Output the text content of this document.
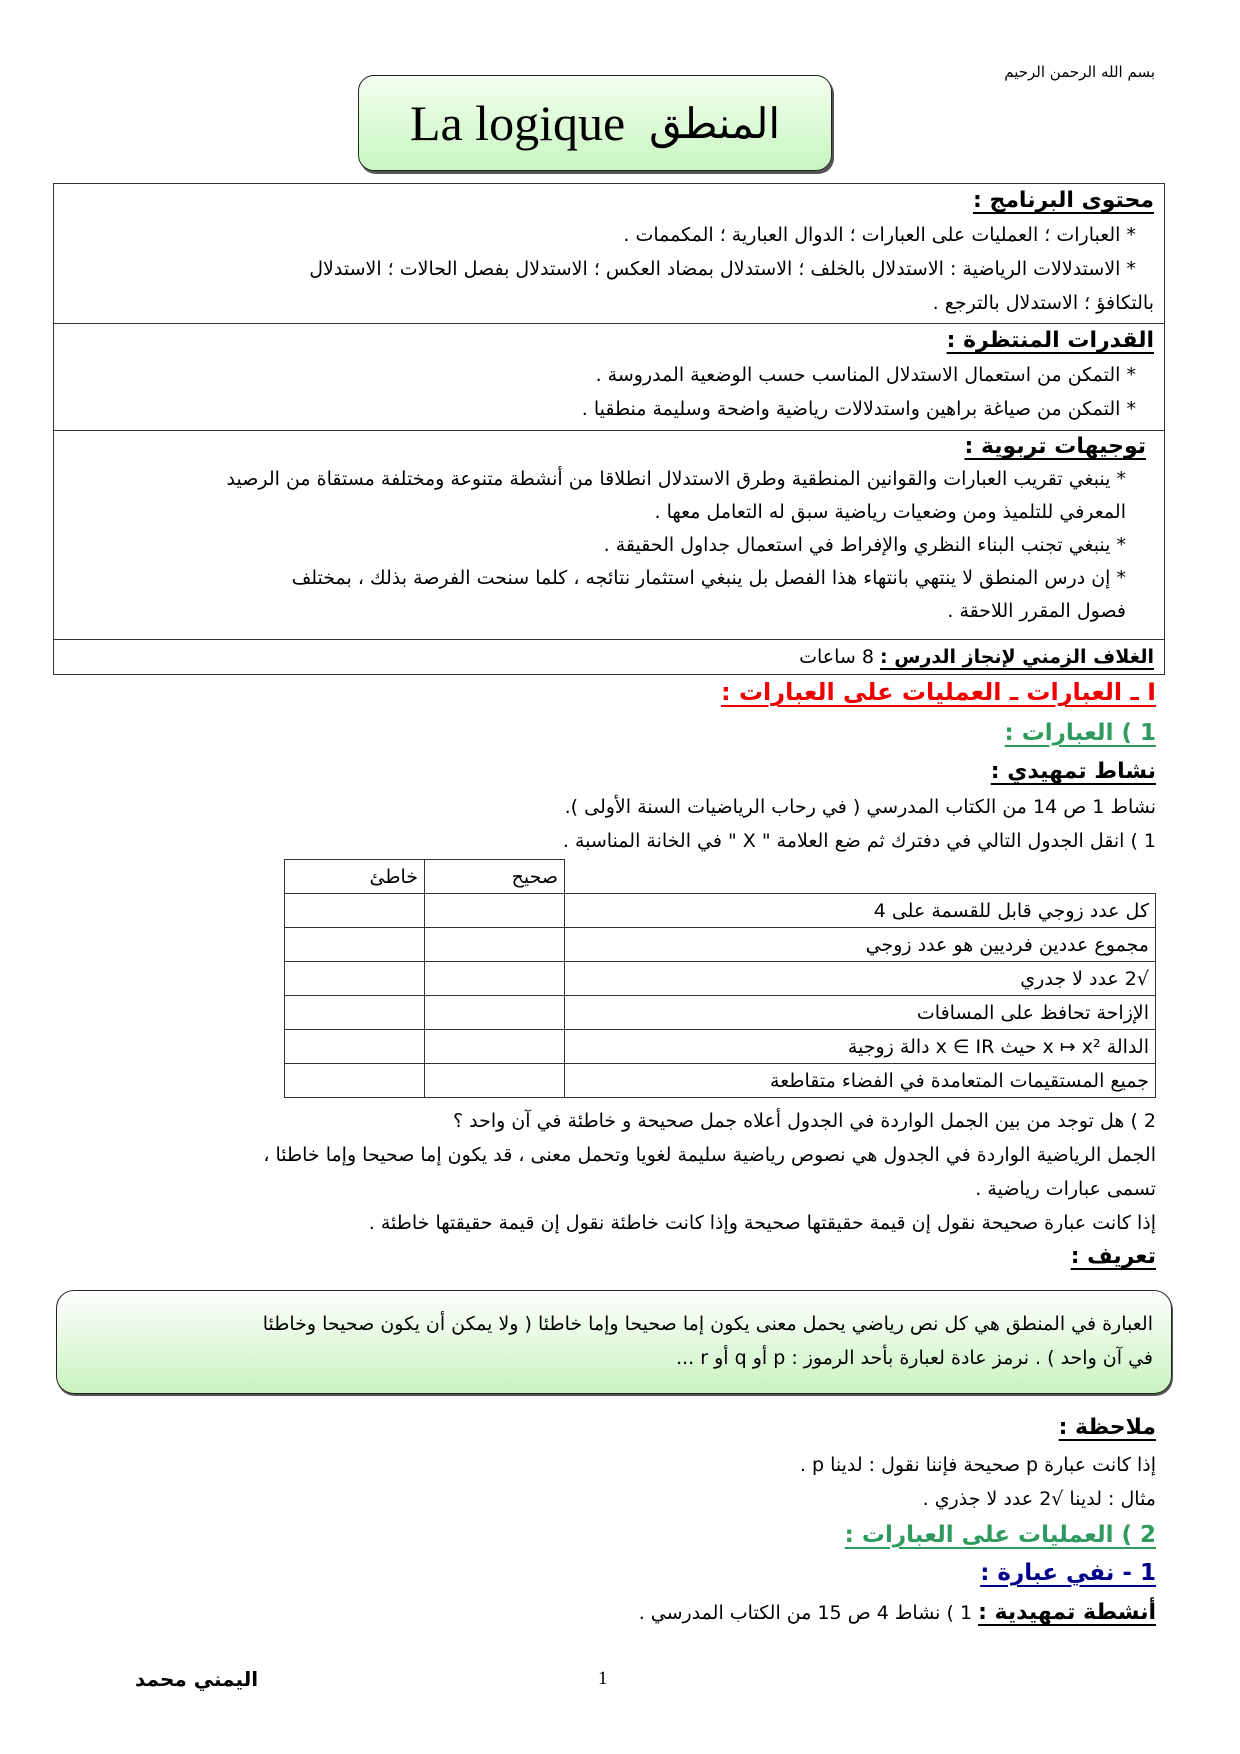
بسم الله الرحمن الرحيم
La logique المنطق
محتوى البرنامج :
* العبارات ؛ العمليات على العبارات ؛ الدوال العبارية ؛ المكممات .
* الاستدلالات الرياضية : الاستدلال بالخلف ؛ الاستدلال بمضاد العكس ؛ الاستدلال بفصل الحالات ؛ الاستدلال
بالتكافؤ ؛ الاستدلال بالترجع .
القدرات المنتظرة :
* التمكن من استعمال الاستدلال المناسب حسب الوضعية المدروسة .
* التمكن من صياغة براهين واستدلالات رياضية واضحة وسليمة منطقيا .
توجيهات تربوية :
* ينبغي تقريب العبارات والقوانين المنطقية وطرق الاستدلال انطلاقا من أنشطة متنوعة ومختلفة مستقاة من الرصيد
المعرفي للتلميذ ومن وضعيات رياضية سبق له التعامل معها .
* ينبغي تجنب البناء النظري والإفراط في استعمال جداول الحقيقة .
* إن درس المنطق لا ينتهي بانتهاء هذا الفصل بل ينبغي استثمار نتائجه ، كلما سنحت الفرصة بذلك ، بمختلف
فصول المقرر اللاحقة .
الغلاف الزمني لإنجاز الدرس : 8 ساعات
I ـ العبارات ـ العمليات على العبارات :
1 ) العبارات :
نشاط تمهيدي :
نشاط 1 ص 14 من الكتاب المدرسي ( في رحاب الرياضيات السنة الأولى ).
1 ) انقل الجدول التالي في دفترك ثم ضع العلامة " X " في الخانة المناسبة .
	صحيح	خاطئ
كل عدد زوجي قابل للقسمة على 4		
مجموع عددين فرديين هو عدد زوجي		
√2 عدد لا جدري		
الإزاحة تحافظ على المسافات		
الدالة x ↦ x² حيث x ∈ IR دالة زوجية		
جميع المستقيمات المتعامدة في الفضاء متقاطعة		
2 ) هل توجد من بين الجمل الواردة في الجدول أعلاه جمل صحيحة و خاطئة في آن واحد ؟
الجمل الرياضية الواردة في الجدول هي نصوص رياضية سليمة لغويا وتحمل معنى ، قد يكون إما صحيحا وإما خاطئا ،
تسمى عبارات رياضية .
إذا كانت عبارة صحيحة نقول إن قيمة حقيقتها صحيحة وإذا كانت خاطئة نقول إن قيمة حقيقتها خاطئة .
تعريف :
العبارة في المنطق هي كل نص رياضي يحمل معنى يكون إما صحيحا وإما خاطئا ( ولا يمكن أن يكون صحيحا وخاطئا
في آن واحد ) . نرمز عادة لعبارة بأحد الرموز : p أو q أو r ...
ملاحظة :
إذا كانت عبارة p صحيحة فإننا نقول : لدينا p .
مثال : لدينا √2 عدد لا جذري .
2 ) العمليات على العبارات :
1 - نفي عبارة :
أنشطة تمهيدية : 1 ) نشاط 4 ص 15 من الكتاب المدرسي .
1
اليمني محمد
